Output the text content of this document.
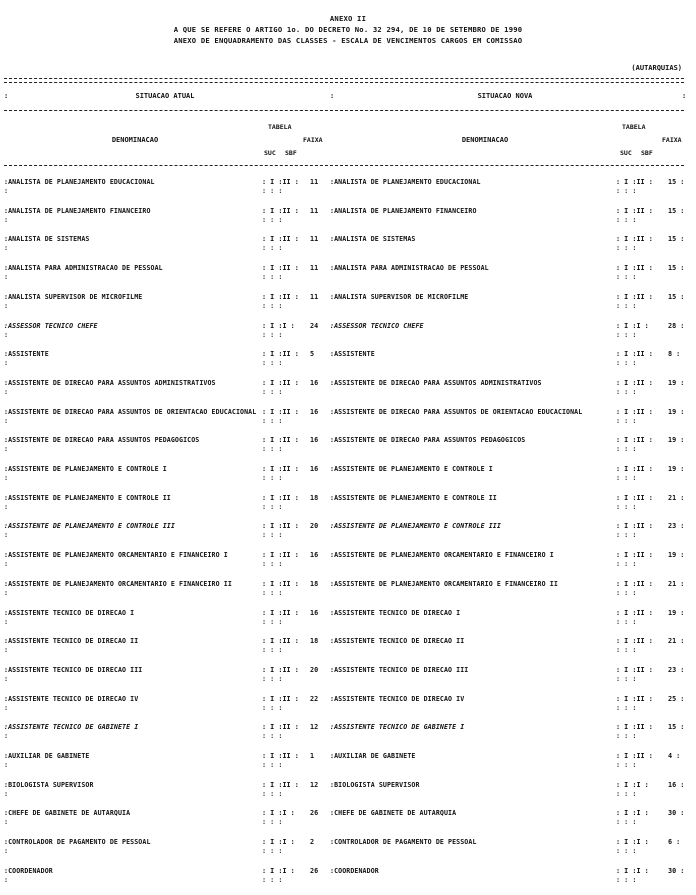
ANEXO II
A QUE SE REFERE O ARTIGO 1o. DO DECRETO No. 32 294, DE 10 DE SETEMBRO DE 1990
ANEXO DE ENQUADRAMENTO DAS CLASSES - ESCALA DE VENCIMENTOS CARGOS EM COMISSAO
(AUTARQUIAS)
SITUACAO ATUAL	SITUACAO NOVA
:	:	:
DENOMINACAO	DENOMINACAO
TABELA
FAIXA
SUC SBF
TABELA
FAIXA
SUC SBF
:ANALISTA DE PLANEJAMENTO EDUCACIONAL	: I :II : 11 :ANALISTA DE PLANEJAMENTO EDUCACIONAL	: I :II : 15 :
:	: : :	: : :
:ANALISTA DE PLANEJAMENTO FINANCEIRO	: I :II : 11 :ANALISTA DE PLANEJAMENTO FINANCEIRO	: I :II : 15 :
:	: : :	: : :
:ANALISTA DE SISTEMAS	: I :II : 11 :ANALISTA DE SISTEMAS	: I :II : 15 :
:	: : :	: : :
:ANALISTA PARA ADMINISTRACAO DE PESSOAL	: I :II : 11 :ANALISTA PARA ADMINISTRACAO DE PESSOAL	: I :II : 15 :
:	: : :	: : :
:ANALISTA SUPERVISOR DE MICROFILME	: I :II : 11 :ANALISTA SUPERVISOR DE MICROFILME	: I :II : 15 :
:	: : :	: : :
:ASSESSOR TECNICO CHEFE	: I :I : 24 :ASSESSOR TECNICO CHEFE	: I :I :	28 :
:	: : :	: : :
:ASSISTENTE	: I :II : 5 :ASSISTENTE	: I :II : 8 :
:	: : :	: : :
:ASSISTENTE DE DIRECAO PARA ASSUNTOS ADMINISTRATIVOS	: I :II : 16 :ASSISTENTE DE DIRECAO PARA ASSUNTOS ADMINISTRATIVOS	: I :II : 19 :
:	: : :	: : :
:ASSISTENTE DE DIRECAO PARA ASSUNTOS DE ORIENTACAO EDUCACIONAL : I :II : 16 :ASSISTENTE DE DIRECAO PARA ASSUNTOS DE ORIENTACAO EDUCACIONAL	: I :II : 19 :
:	: : :	: : :
:ASSISTENTE DE DIRECAO PARA ASSUNTOS PEDAGOGICOS	: I :II : 16 :ASSISTENTE DE DIRECAO PARA ASSUNTOS PEDAGOGICOS	: I :II : 19 :
:	: : :	: : :
:ASSISTENTE DE PLANEJAMENTO E CONTROLE I	: I :II : 16 :ASSISTENTE DE PLANEJAMENTO E CONTROLE I	: I :II : 19 :
:	: : :	: : :
:ASSISTENTE DE PLANEJAMENTO E CONTROLE II	: I :II : 18 :ASSISTENTE DE PLANEJAMENTO E CONTROLE II	: I :II : 21 :
:	: : :	: : :
:ASSISTENTE DE PLANEJAMENTO E CONTROLE III	: I :II : 20 :ASSISTENTE DE PLANEJAMENTO E CONTROLE III	: I :II : 23 :
:	: : :	: : :
:ASSISTENTE DE PLANEJAMENTO ORCAMENTARIO E FINANCEIRO I	: I :II : 16 :ASSISTENTE DE PLANEJAMENTO ORCAMENTARIO E FINANCEIRO I	: I :II : 19 :
:	: : :	: : :
:ASSISTENTE DE PLANEJAMENTO ORCAMENTARIO E FINANCEIRO II	: I :II : 18 :ASSISTENTE DE PLANEJAMENTO ORCAMENTARIO E FINANCEIRO II	: I :II : 21 :
:	: : :	: : :
:ASSISTENTE TECNICO DE DIRECAO I	: I :II : 16 :ASSISTENTE TECNICO DE DIRECAO I	: I :II : 19 :
:	: : :	: : :
:ASSISTENTE TECNICO DE DIRECAO II	: I :II : 18 :ASSISTENTE TECNICO DE DIRECAO II	: I :II : 21 :
:	: : :	: : :
:ASSISTENTE TECNICO DE DIRECAO III	: I :II : 20 :ASSISTENTE TECNICO DE DIRECAO III	: I :II : 23 :
:	: : :	: : :
:ASSISTENTE TECNICO DE DIRECAO IV	: I :II : 22 :ASSISTENTE TECNICO DE DIRECAO IV	: I :II : 25 :
:	: : :	: : :
:ASSISTENTE TECNICO DE GABINETE I	: I :II : 12 :ASSISTENTE TECNICO DE GABINETE I	: I :II : 15 :
:	: : :	: : :
:AUXILIAR DE GABINETE	: I :II : 1 :AUXILIAR DE GABINETE	: I :II : 4 :
:	: : :	: : :
:BIOLOGISTA SUPERVISOR	: I :II : 12 :BIOLOGISTA SUPERVISOR	: I :I :	16 :
:	: : :	: : :
:CHEFE DE GABINETE DE AUTARQUIA	: I :I : 26 :CHEFE DE GABINETE DE AUTARQUIA	: I :I :	30 :
:	: : :	: : :
:CONTROLADOR DE PAGAMENTO DE PESSOAL	: I :I : 2 :CONTROLADOR DE PAGAMENTO DE PESSOAL	: I :I :	6 :
:	: : :	: : :
:COORDENADOR	: I :I : 26 :COORDENADOR	: I :I :	30 :
:	: : :	: : :
